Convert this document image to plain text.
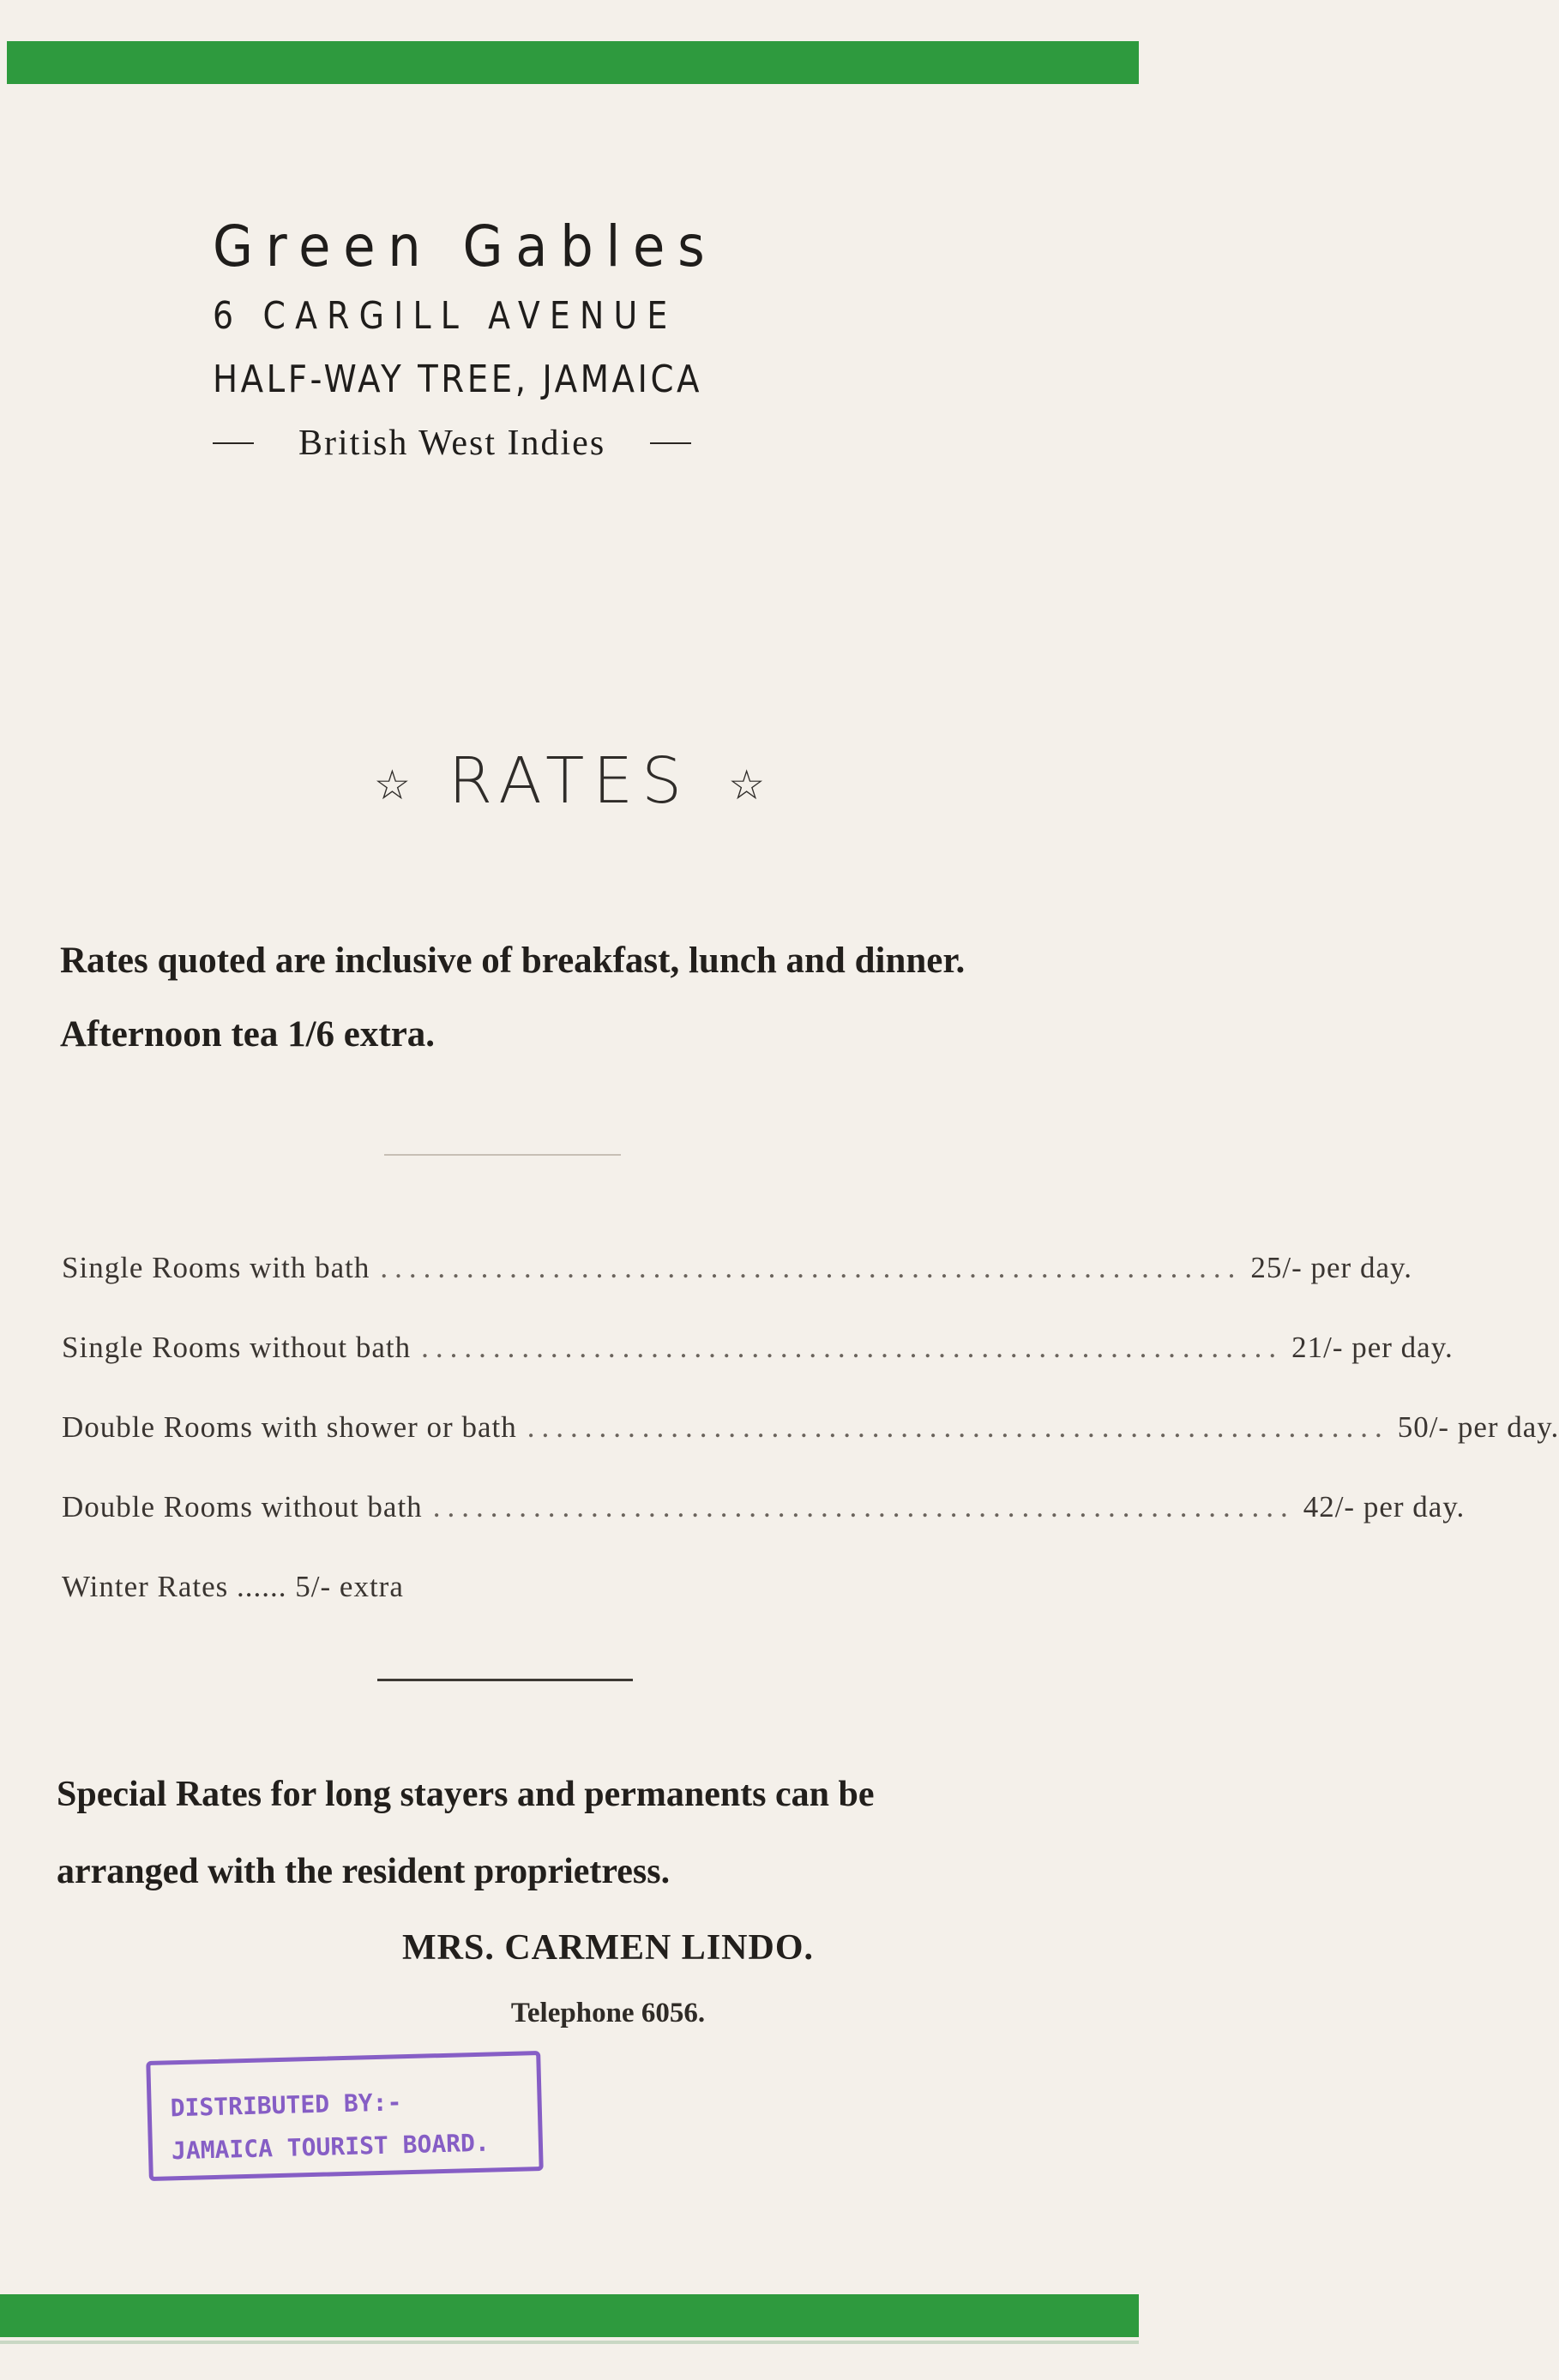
Green Gables
6 CARGILL AVENUE
HALF-WAY TREE, JAMAICA
British West Indies
☆ RATES ☆
Rates quoted are inclusive of breakfast, lunch and dinner. Afternoon tea 1/6 extra.
Single Rooms with bath ............................................................ 25/- per day.
Single Rooms without bath ............................................................ 21/- per day.
Double Rooms with shower or bath ............................................................ 50/- per day.
Double Rooms without bath ............................................................ 42/- per day.
Winter Rates ...... 5/- extra
Special Rates for long stayers and permanents can be arranged with the resident proprietress.
MRS. CARMEN LINDO.
Telephone 6056.
DISTRIBUTED BY:-
JAMAICA TOURIST BOARD.
